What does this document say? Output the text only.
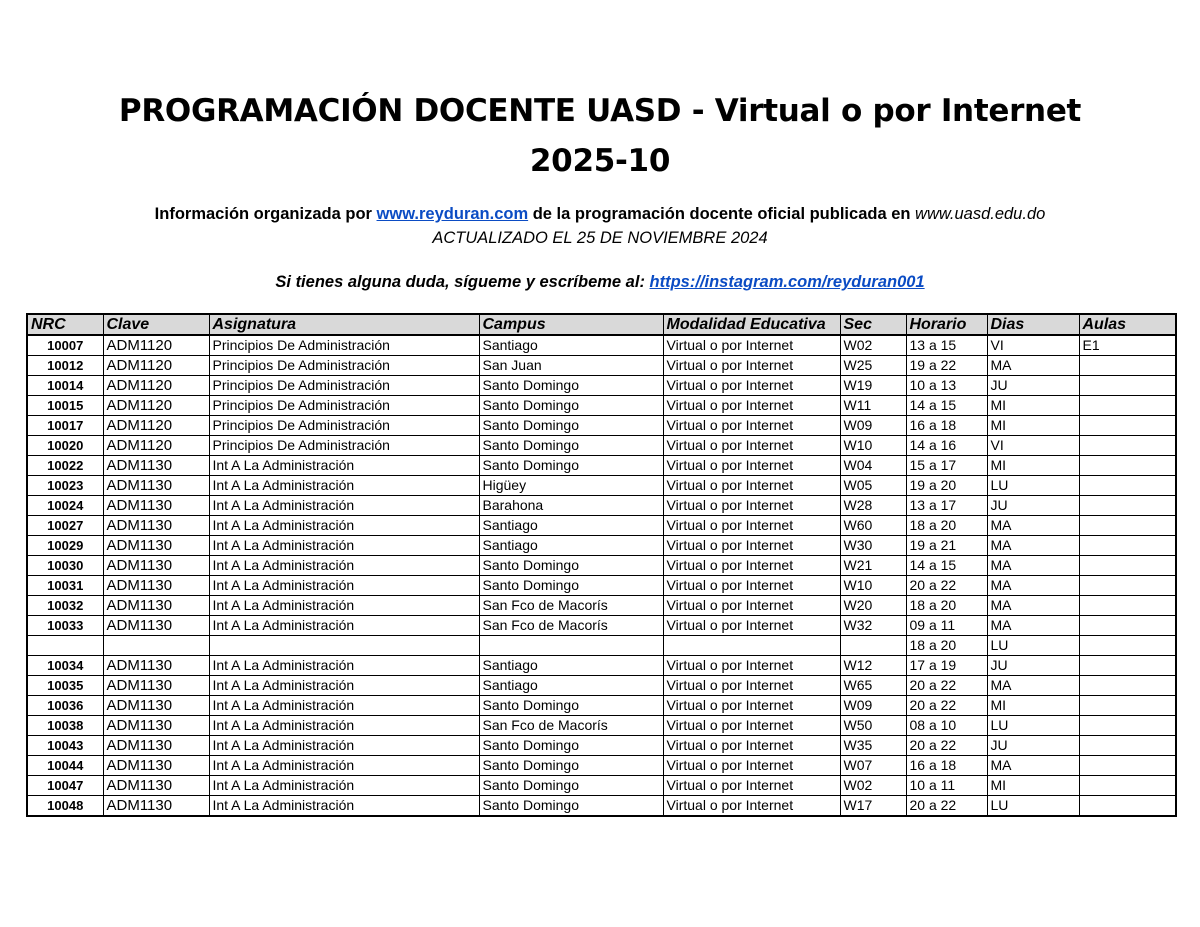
PROGRAMACIÓN DOCENTE UASD - Virtual o por Internet
2025-10
Información organizada por www.reyduran.com de la programación docente oficial publicada en www.uasd.edu.do
ACTUALIZADO EL 25 DE NOVIEMBRE 2024
Si tienes alguna duda, sígueme y escríbeme al: https://instagram.com/reyduran001
NRC	Clave	Asignatura	Campus	Modalidad Educativa	Sec	Horario	Dias	Aulas
10007	ADM1120	Principios De Administración	Santiago	Virtual o por Internet	W02	13 a 15	VI	E1
10012	ADM1120	Principios De Administración	San Juan	Virtual o por Internet	W25	19 a 22	MA	
10014	ADM1120	Principios De Administración	Santo Domingo	Virtual o por Internet	W19	10 a 13	JU	
10015	ADM1120	Principios De Administración	Santo Domingo	Virtual o por Internet	W11	14 a 15	MI	
10017	ADM1120	Principios De Administración	Santo Domingo	Virtual o por Internet	W09	16 a 18	MI	
10020	ADM1120	Principios De Administración	Santo Domingo	Virtual o por Internet	W10	14 a 16	VI	
10022	ADM1130	Int A La Administración	Santo Domingo	Virtual o por Internet	W04	15 a 17	MI	
10023	ADM1130	Int A La Administración	Higüey	Virtual o por Internet	W05	19 a 20	LU	
10024	ADM1130	Int A La Administración	Barahona	Virtual o por Internet	W28	13 a 17	JU	
10027	ADM1130	Int A La Administración	Santiago	Virtual o por Internet	W60	18 a 20	MA	
10029	ADM1130	Int A La Administración	Santiago	Virtual o por Internet	W30	19 a 21	MA	
10030	ADM1130	Int A La Administración	Santo Domingo	Virtual o por Internet	W21	14 a 15	MA	
10031	ADM1130	Int A La Administración	Santo Domingo	Virtual o por Internet	W10	20 a 22	MA	
10032	ADM1130	Int A La Administración	San Fco de Macorís	Virtual o por Internet	W20	18 a 20	MA	
10033	ADM1130	Int A La Administración	San Fco de Macorís	Virtual o por Internet	W32	09 a 11	MA	
						18 a 20	LU	
10034	ADM1130	Int A La Administración	Santiago	Virtual o por Internet	W12	17 a 19	JU	
10035	ADM1130	Int A La Administración	Santiago	Virtual o por Internet	W65	20 a 22	MA	
10036	ADM1130	Int A La Administración	Santo Domingo	Virtual o por Internet	W09	20 a 22	MI	
10038	ADM1130	Int A La Administración	San Fco de Macorís	Virtual o por Internet	W50	08 a 10	LU	
10043	ADM1130	Int A La Administración	Santo Domingo	Virtual o por Internet	W35	20 a 22	JU	
10044	ADM1130	Int A La Administración	Santo Domingo	Virtual o por Internet	W07	16 a 18	MA	
10047	ADM1130	Int A La Administración	Santo Domingo	Virtual o por Internet	W02	10 a 11	MI	
10048	ADM1130	Int A La Administración	Santo Domingo	Virtual o por Internet	W17	20 a 22	LU	
